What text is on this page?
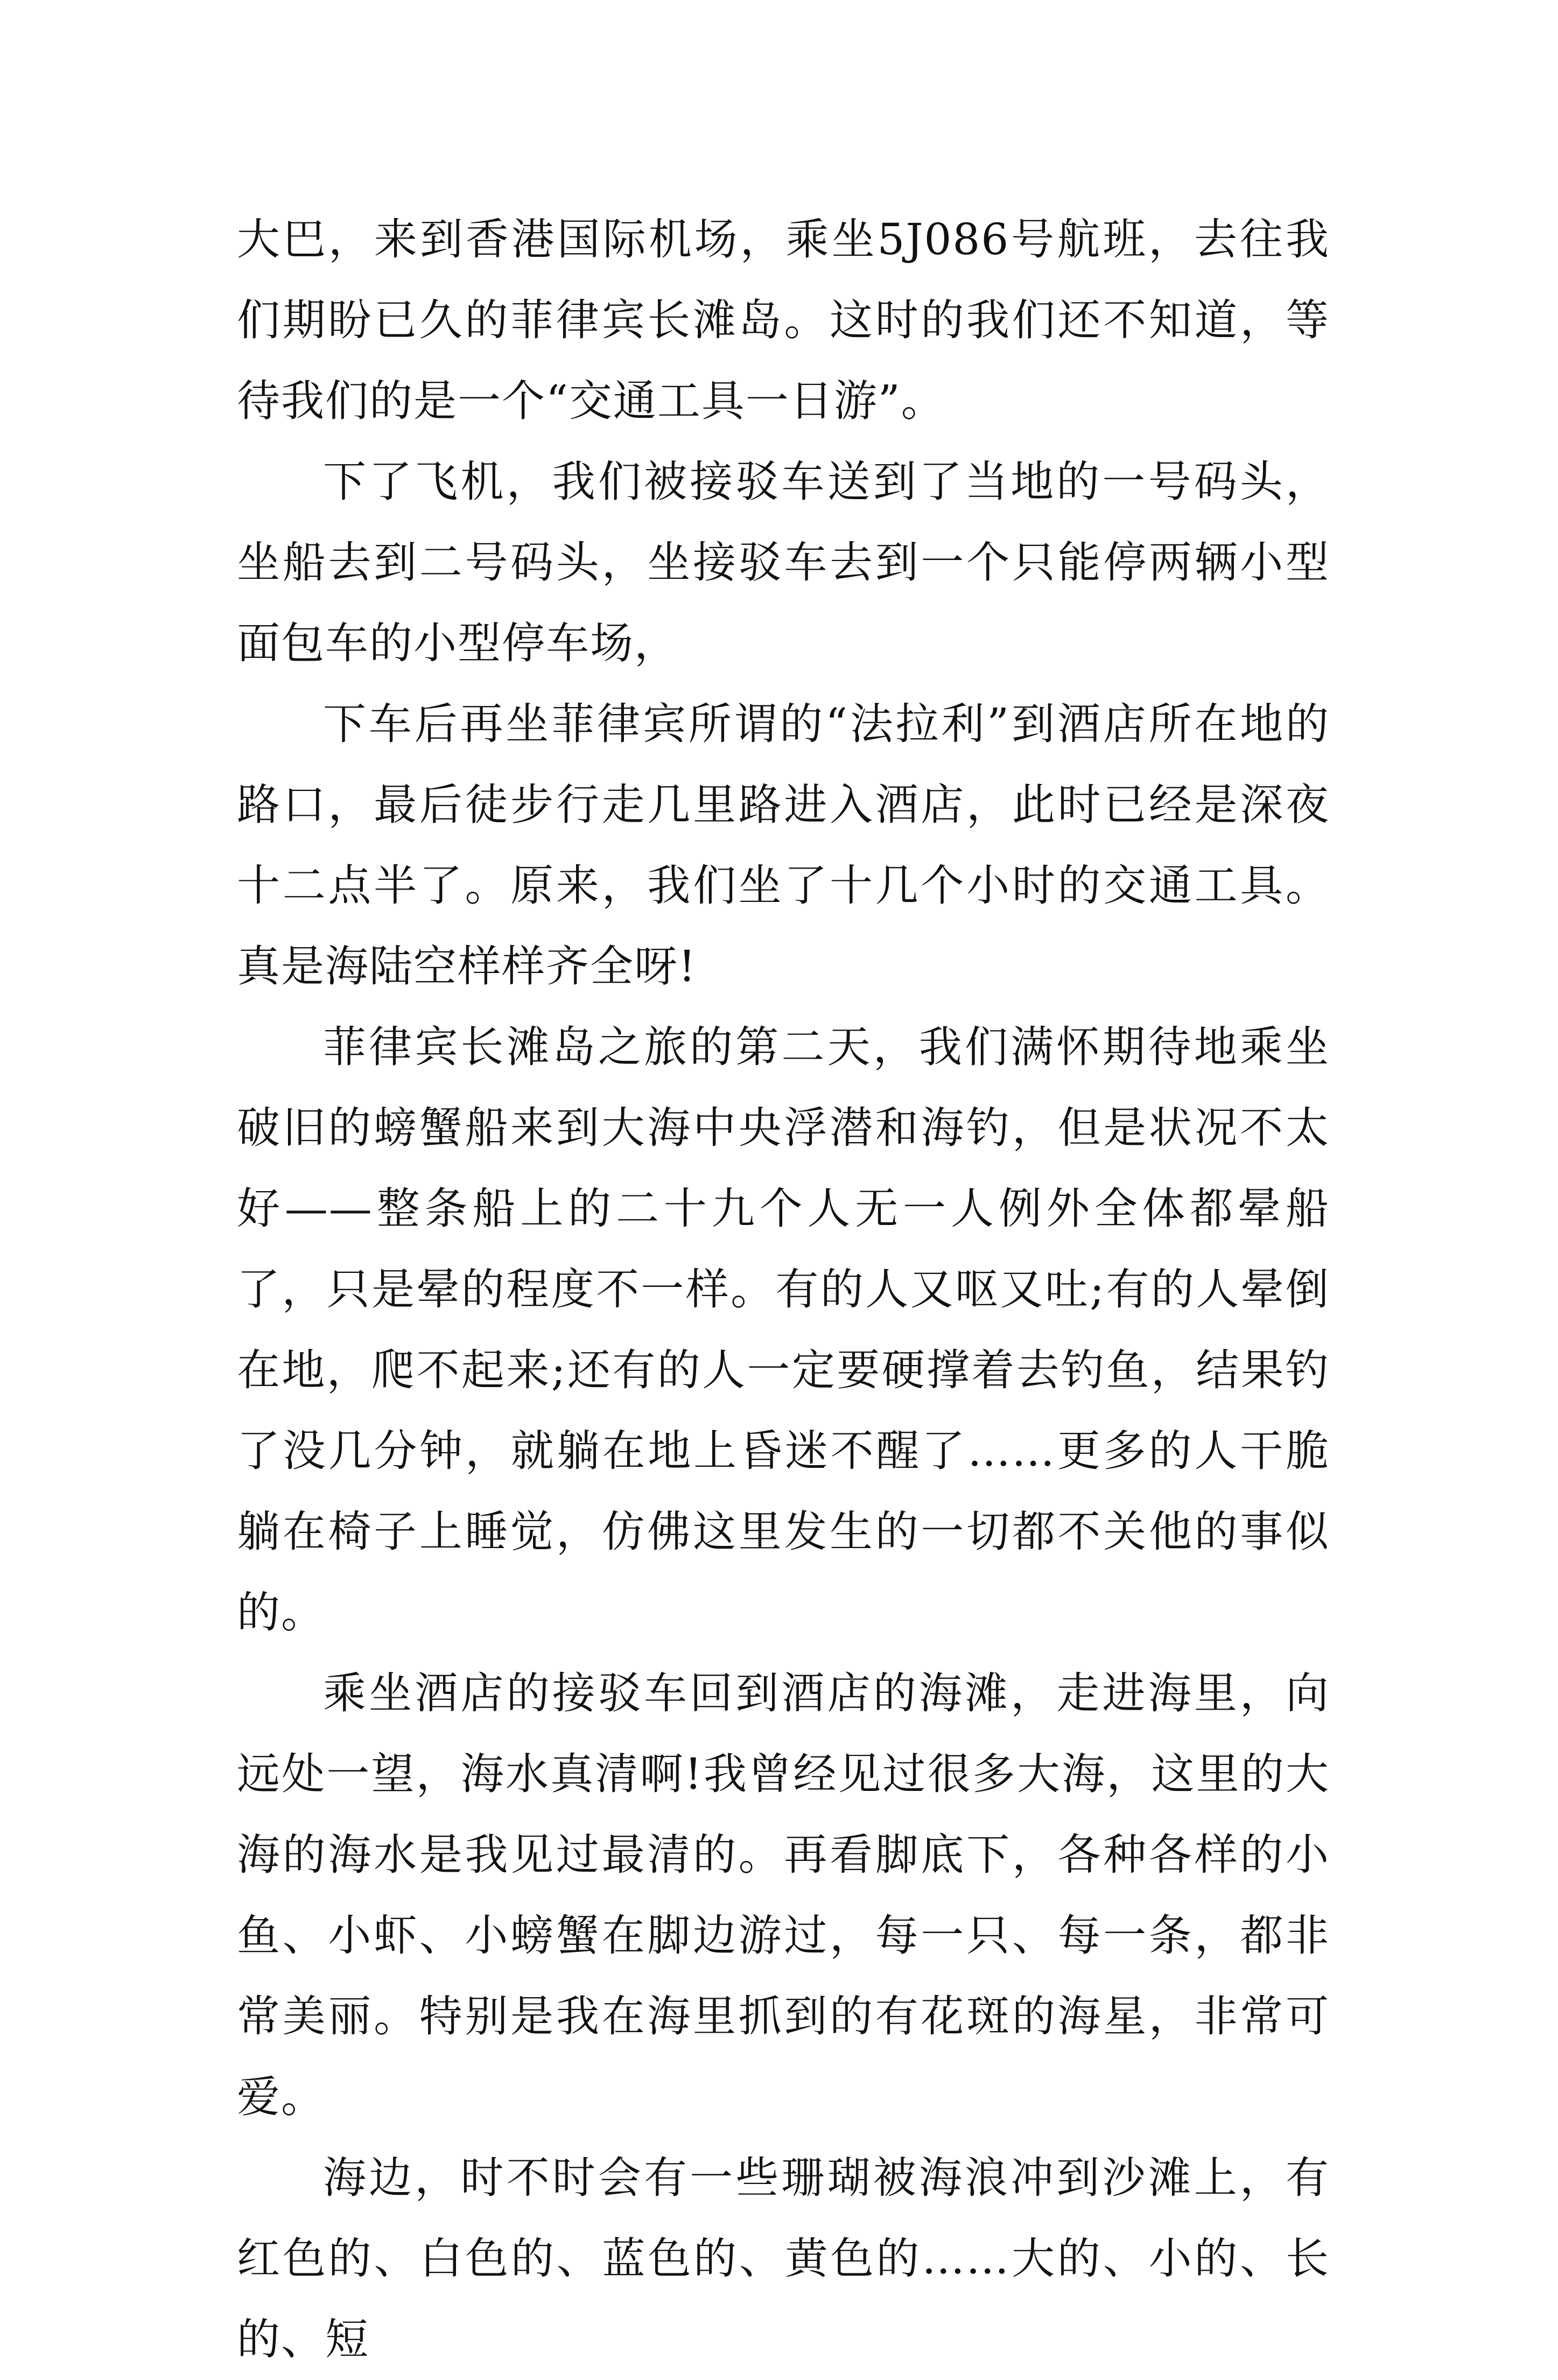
大巴，来到香港国际机场，乘坐5J086号航班，去往我们期盼已久的菲律宾长滩岛。这时的我们还不知道，等待我们的是一个“交通工具一日游”。

下了飞机，我们被接驳车送到了当地的一号码头，坐船去到二号码头，坐接驳车去到一个只能停两辆小型面包车的小型停车场，

下车后再坐菲律宾所谓的“法拉利”到酒店所在地的路口，最后徒步行走几里路进入酒店，此时已经是深夜十二点半了。原来，我们坐了十几个小时的交通工具。真是海陆空样样齐全呀!

菲律宾长滩岛之旅的第二天，我们满怀期待地乘坐破旧的螃蟹船来到大海中央浮潜和海钓，但是状况不太好——整条船上的二十九个人无一人例外全体都晕船了，只是晕的程度不一样。有的人又呕又吐;有的人晕倒在地，爬不起来;还有的人一定要硬撑着去钓鱼，结果钓了没几分钟，就躺在地上昏迷不醒了……更多的人干脆躺在椅子上睡觉，仿佛这里发生的一切都不关他的事似的。

乘坐酒店的接驳车回到酒店的海滩，走进海里，向远处一望，海水真清啊!我曾经见过很多大海，这里的大海的海水是我见过最清的。再看脚底下，各种各样的小鱼、小虾、小螃蟹在脚边游过，每一只、每一条，都非常美丽。特别是我在海里抓到的有花斑的海星，非常可爱。

海边，时不时会有一些珊瑚被海浪冲到沙滩上，有红色的、白色的、蓝色的、黄色的……大的、小的、长的、短
